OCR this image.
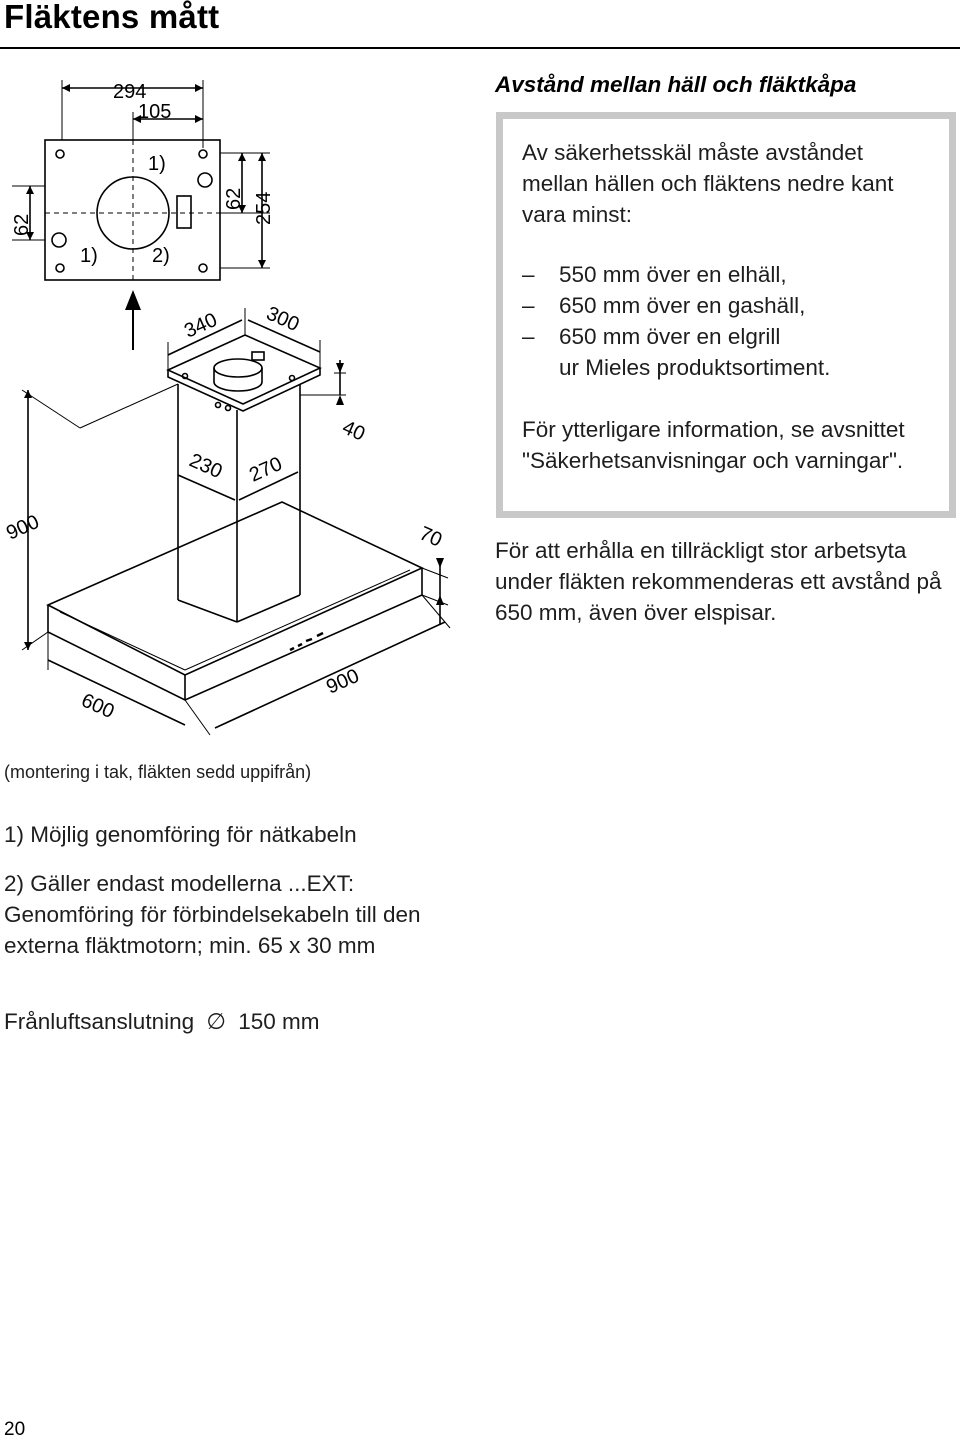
Fläktens mått
294
105
1)
1)	2)
62
62 254
340 300
230 270
40
900	70
900
600
Avstånd mellan häll och fläktkåpa
Av säkerhetsskäl måste avståndet mellan hällen och fläktens nedre kant vara minst:
– 550 mm över en elhäll,
– 650 mm över en gashäll,
– 650 mm över en elgrill
ur Mieles produktsortiment.
För ytterligare information, se avsnittet "Säkerhetsanvisningar och varningar".
För att erhålla en tillräckligt stor arbetsyta under fläkten rekommenderas ett avstånd på 650 mm, även över elspisar.
(montering i tak, fläkten sedd uppifrån)
1) Möjlig genomföring för nätkabeln
2) Gäller endast modellerna ...EXT: Genomföring för förbindelsekabeln till den externa fläktmotorn; min. 65 x 30 mm
Frånluftsanslutning ∅ 150 mm
20
